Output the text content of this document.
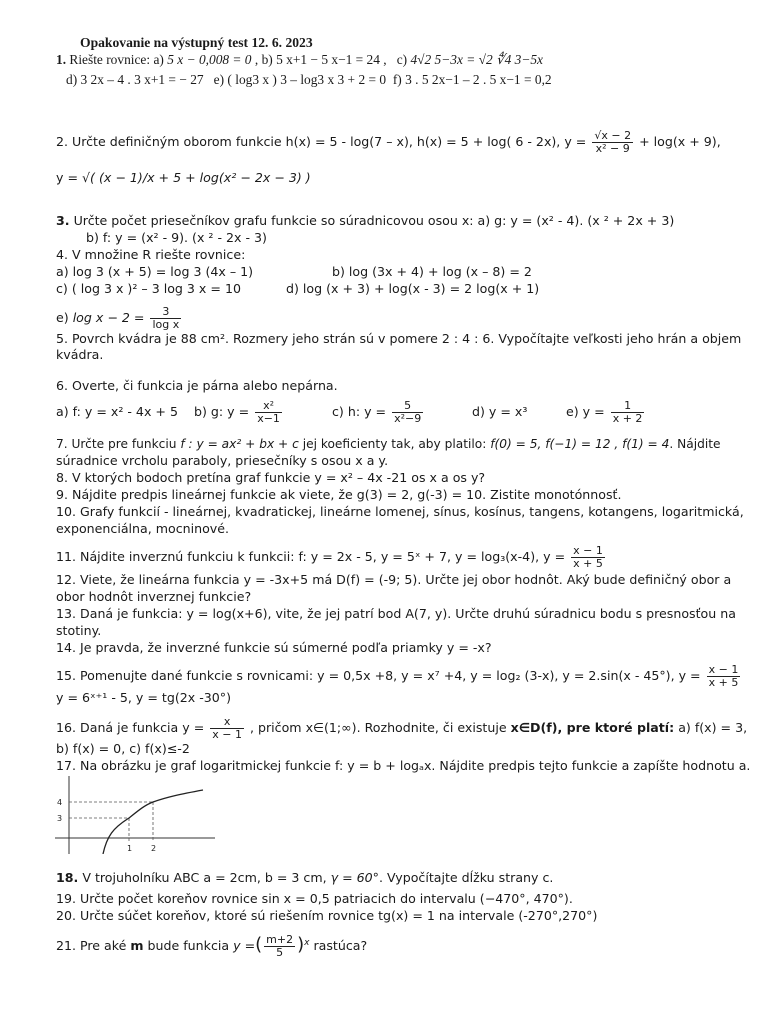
Opakovanie na výstupný test 12. 6. 2023
1. Riešte rovnice: a) 5 x − 0,008 = 0 , b) 5 x+1 − 5 x−1 = 24 , c) 4√2 5−3x = √2 ∜4 3−5x
d) 3 2x – 4 . 3 x+1 = − 27 e) ( log3 x ) 3 – log3 x 3 + 2 = 0 f) 3 . 5 2x−1 – 2 . 5 x−1 = 0,2
2. Určte definičným oborom funkcie h(x) = 5 - log(7 – x), h(x) = 5 + log( 6 - 2x), $y = \frac{√x - 2}{\text{x² − 9}} + \log(x + 9)$,
y = √( (x − 1)/x + 5 + log(x² − 2x − 3) )
3. Určte počet priesečníkov grafu funkcie so súradnicovou osou x: a) g: y = (x² - 4). (x ² + 2x + 3)
b) f: y = (x² - 9). (x ² - 2x - 3)
4. V množine R riešte rovnice:
a) log 3 (x + 5) = log 3 (4x – 1)	b) log (3x + 4) + log (x – 8) = 2
c) ( log 3 x )² – 3 log 3 x = 10	d) log (x + 3) + log(x - 3) = 2 log(x + 1)
e) $\log x - 2 = \frac{3}{\text{log x}}$
5. Povrch kvádra je 88 cm². Rozmery jeho strán sú v pomere 2 : 4 : 6. Vypočítajte veľkosti jeho hrán a objem
kvádra.
6. Overte, či funkcia je párna alebo nepárna.
a) f: y = x² - 4x + 5 b) g: $y = \frac{\text{x²}}{x-1}$	c) h: $y = \frac{5}{\text{x²−9}}$	d) y = x³	e) $y = \frac{1}{x + 2}$
7. Určte pre funkciu f : y = ax² + bx + c jej koeficienty tak, aby platilo: f(0) = 5, f(−1) = 12 , f(1) = 4. Nájdite
súradnice vrcholu paraboly, priesečníky s osou x a y.
8. V ktorých bodoch pretína graf funkcie y = x² – 4x -21 os x a os y?
9. Nájdite predpis lineárnej funkcie ak viete, že g(3) = 2, g(-3) = 10. Zistite monotónnosť.
10. Grafy funkcií - lineárnej, kvadratickej, lineárne lomenej, sínus, kosínus, tangens, kotangens, logaritmická,
exponenciálna, mocninové.
11. Nájdite inverznú funkciu k funkcii: f: y = 2x - 5, y = 5ˣ + 7, y = log₃(x-4), $y = \frac{x - 1}{x + 5}$
12. Viete, že lineárna funkcia y = -3x+5 má D(f) = (-9; 5). Určte jej obor hodnôt. Aký bude definičný obor a
obor hodnôt inverznej funkcie?
13. Daná je funkcia: y = log(x+6), vite, že jej patrí bod A(7, y). Určte druhú súradnicu bodu s presnosťou na
stotiny.
14. Je pravda, že inverzné funkcie sú súmerné podľa priamky y = -x?
15. Pomenujte dané funkcie s rovnicami: y = 0,5x +8, y = x⁷ +4, y = log₂ (3-x), y = 2.sin(x - 45°), $y = \frac{x - 1}{x + 5}$
y = 6ˣ⁺¹ - 5, y = tg(2x -30°)
16. Daná je funkcia $y = \frac{x}{x - 1}$ , pričom x∈(1;∞). Rozhodnite, či existuje x∈D(f), pre ktoré platí: a) f(x) = 3,
b) f(x) = 0, c) f(x)≤-2
17. Na obrázku je graf logaritmickej funkcie f: y = b + logₐx. Nájdite predpis tejto funkcie a zapíšte hodnotu a.
4
3
1 2
18. V trojuholníku ABC a = 2cm, b = 3 cm, γ = 60°. Vypočítajte dĺžku strany c.
19. Určte počet koreňov rovnice sin x = 0,5 patriacich do intervalu (−470°, 470°).
20. Určte súčet koreňov, ktoré sú riešením rovnice tg(x) = 1 na intervale (-270°,270°)
21. Pre aké m bude funkcia y =( $\frac{m+2}{5} )^x$ rastúca?
